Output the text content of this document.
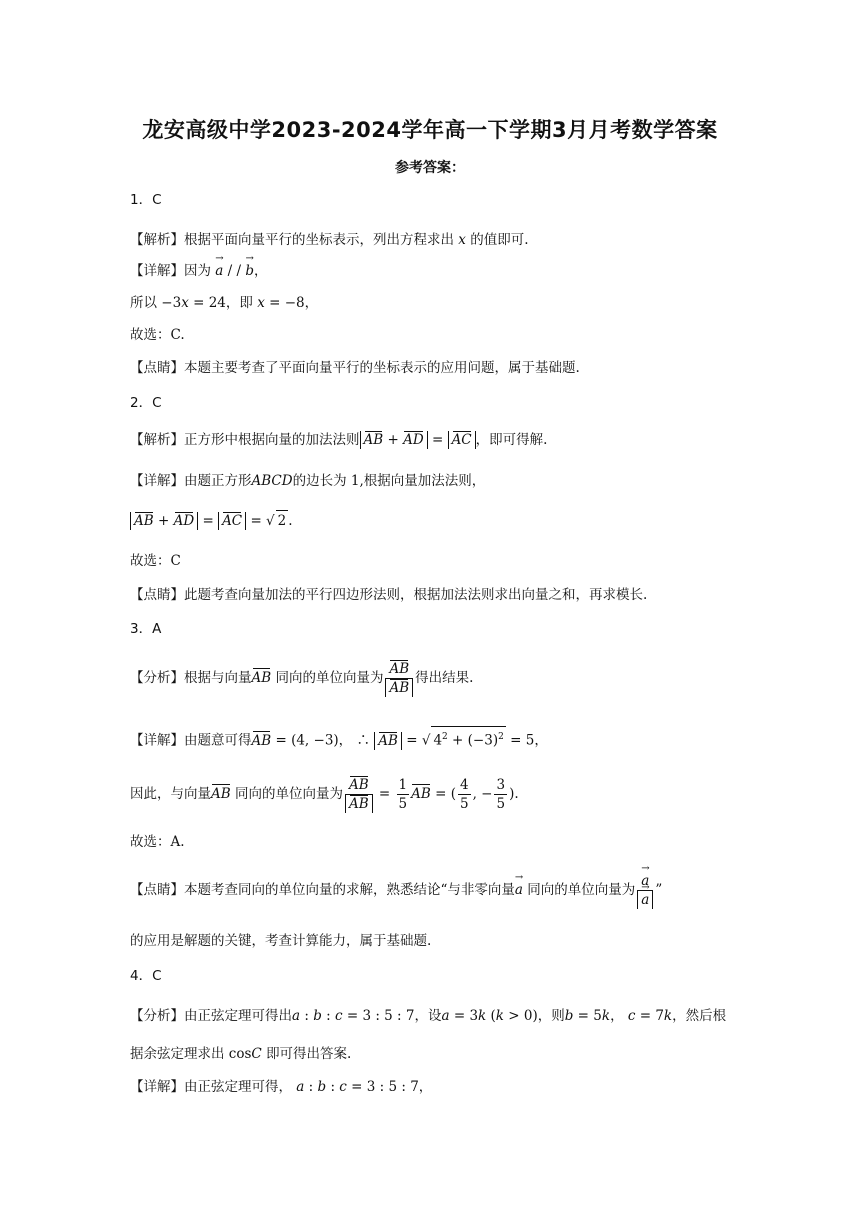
龙安高级中学2023-2024学年高一下学期3月月考数学答案
参考答案：
1．C
【解析】根据平面向量平行的坐标表示，列出方程求出 x 的值即可.
【详解】因为 a → / / b →，
所以 −3x = 24，即 x = −8，
故选：C.
【点睛】本题主要考查了平面向量平行的坐标表示的应用问题，属于基础题.
2．C
【解析】正方形中根据向量的加法法则 AB + AD = AC ，即可得解.
【详解】由题正方形ABCD的边长为 1,根据向量加法法则，
AB + AD = AC = √ 2 .
故选：C
【点睛】此题考查向量加法的平行四边形法则，根据加法法则求出向量之和，再求模长.
3．A
【分析】根据与向量AB 同向的单位向量为 $\frac{AB}{AB}$ 得出结果.
【详解】由题意可得AB = (4, −3)， ∴ AB = √ $4^2 + (-3)^2 = 5$，
因此，与向量AB 同向的单位向量为 $\frac{AB}{AB} = \frac{1}{5}$ AB = ( $\frac{4}{5}$ , − $\frac{3}{5}$ ).
故选：A.
【点睛】本题考查同向的单位向量的求解，熟悉结论“与非零向量a → 同向的单位向量为 $\frac{a \to}{a}$ → ”
的应用是解题的关键，考查计算能力，属于基础题.
4．C
【分析】由正弦定理可得出a : b : c = 3 : 5 : 7，设a = 3k (k > 0)，则b = 5k， c = 7k，然后根
据余弦定理求出 cosC 即可得出答案.
【详解】由正弦定理可得， a : b : c = 3 : 5 : 7，
